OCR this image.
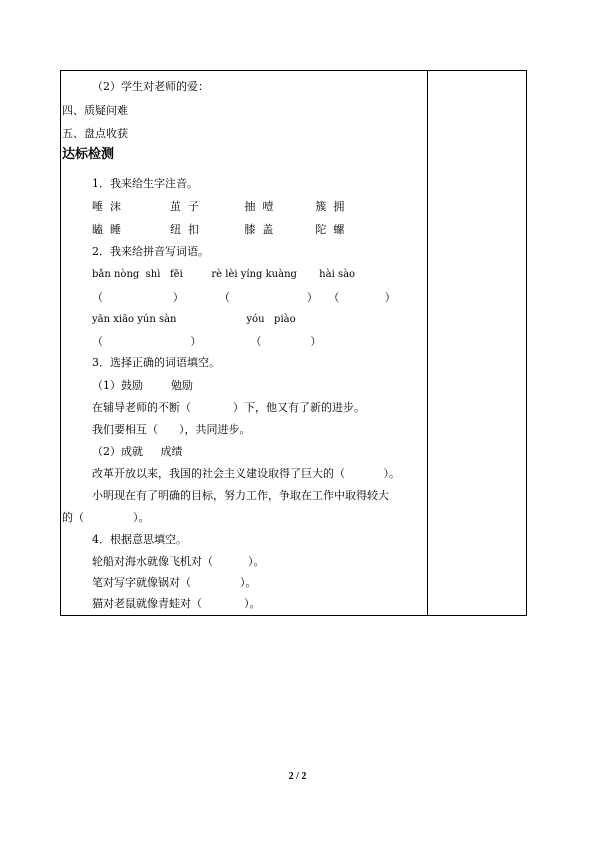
（2）学生对老师的爱：
四、质疑问难
五、盘点收获
达标检测
1．我来给生字注音。
唾  沫              茧  子             抽  噎            簇  拥
瞌  睡              纽  扣             膝  盖            陀  螺
2．我来给拼音写词语。
bǎn nòng  shì   fēi         rè lèi yíng kuàng       hài sào
（                    ）          （                      ）   （             ）
yān xiāo yún sàn                      yóu   piào
（                         ）              （              ）
3．选择正确的词语填空。
（1）鼓励        勉励
在辅导老师的不断（            ）下，他又有了新的进步。
我们要相互（      ），共同进步。
（2）成就     成绩
改革开放以来，我国的社会主义建设取得了巨大的（           ）。
小明现在有了明确的目标，努力工作，争取在工作中取得较大
的（              ）。
4．根据意思填空。
轮船对海水就像飞机对（          ）。
笔对写字就像锅对（              ）。
猫对老鼠就像青蛙对（            ）。
2 / 2
